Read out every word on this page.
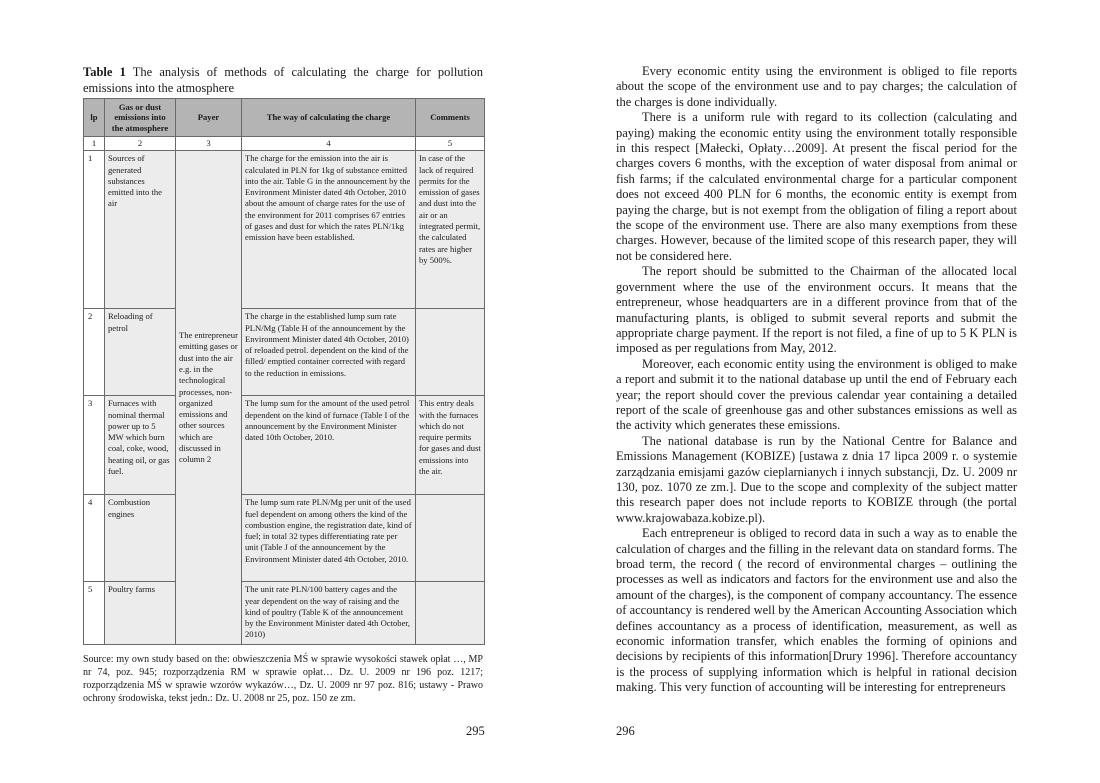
Table 1 The analysis of methods of calculating the charge for pollution emissions into the atmosphere
lp	Gas or dust emissions into the atmosphere	Payer	The way of calculating the charge	Comments
1	2	3	4	5
1	Sources of generated substances emitted into the air	The entrepreneur emitting gases or dust into the air e.g. in the technological processes, non-organized emissions and other sources which are discussed in column 2	The charge for the emission into the air is calculated in PLN for 1kg of substance emitted into the air. Table G in the announcement by the Environment Minister dated 4th October, 2010 about the amount of charge rates for the use of the environment for 2011 comprises 67 entries of gases and dust for which the rates PLN/1kg emission have been established.	In case of the lack of required permits for the emission of gases and dust into the air or an integrated permit, the calculated rates are higher by 500%.
2	Reloading of petrol		The charge in the established lump sum rate PLN/Mg (Table H of the announcement by the Environment Minister dated 4th October, 2010) of reloaded petrol. dependent on the kind of the filled/ emptied container corrected with regard to the reduction in emissions.	
3	Furnaces with nominal thermal power up to 5 MW which burn coal, coke, wood, heating oil, or gas fuel.		The lump sum for the amount of the used petrol dependent on the kind of furnace (Table I of the announcement by the Environment Minister dated 10th October, 2010.	This entry deals with the furnaces which do not require permits for gases and dust emissions into the air.
4	Combustion engines		The lump sum rate PLN/Mg per unit of the used fuel dependent on among others the kind of the combustion engine, the registration date, kind of fuel; in total 32 types differentiating rate per unit (Table J of the announcement by the Environment Minister dated 4th October, 2010.	
5	Poultry farms		The unit rate PLN/100 battery cages and the year dependent on the way of raising and the kind of poultry (Table K of the announcement by the Environment Minister dated 4th October, 2010)	
Source: my own study based on the: obwieszczenia MŚ w sprawie wysokości stawek opłat …, MP nr 74, poz. 945; rozporządzenia RM w sprawie opłat… Dz. U. 2009 nr 196 poz. 1217; rozporządzenia MŚ w sprawie wzorów wykazów…, Dz. U. 2009 nr 97 poz. 816; ustawy - Prawo ochrony środowiska, tekst jedn.: Dz. U. 2008 nr 25, poz. 150 ze zm.
295

Every economic entity using the environment is obliged to file reports about the scope of the environment use and to pay charges; the calculation of the charges is done individually.

There is a uniform rule with regard to its collection (calculating and paying) making the economic entity using the environment totally responsible in this respect [Małecki, Opłaty…2009]. At present the fiscal period for the charges covers 6 months, with the exception of water disposal from animal or fish farms; if the calculated environmental charge for a particular component does not exceed 400 PLN for 6 months, the economic entity is exempt from paying the charge, but is not exempt from the obligation of filing a report about the scope of the environment use. There are also many exemptions from these charges. However, because of the limited scope of this research paper, they will not be considered here.

The report should be submitted to the Chairman of the allocated local government where the use of the environment occurs. It means that the entrepreneur, whose headquarters are in a different province from that of the manufacturing plants, is obliged to submit several reports and submit the appropriate charge payment. If the report is not filed, a fine of up to 5 K PLN is imposed as per regulations from May, 2012.

Moreover, each economic entity using the environment is obliged to make a report and submit it to the national database up until the end of February each year; the report should cover the previous calendar year containing a detailed report of the scale of greenhouse gas and other substances emissions as well as the activity which generates these emissions.

The national database is run by the National Centre for Balance and Emissions Management (KOBIZE) [ustawa z dnia 17 lipca 2009 r. o systemie zarządzania emisjami gazów cieplarnianych i innych substancji, Dz. U. 2009 nr 130, poz. 1070 ze zm.]. Due to the scope and complexity of the subject matter this research paper does not include reports to KOBIZE through (the portal www.krajowabaza.kobize.pl).

Each entrepreneur is obliged to record data in such a way as to enable the calculation of charges and the filling in the relevant data on standard forms. The broad term, the record ( the record of environmental charges – outlining the processes as well as indicators and factors for the environment use and also the amount of the charges), is the component of company accountancy. The essence of accountancy is rendered well by the American Accounting Association which defines accountancy as a process of identification, measurement, as well as economic information transfer, which enables the forming of opinions and decisions by recipients of this information[Drury 1996]. Therefore accountancy is the process of supplying information which is helpful in rational decision making. This very function of accounting will be interesting for entrepreneurs

296
